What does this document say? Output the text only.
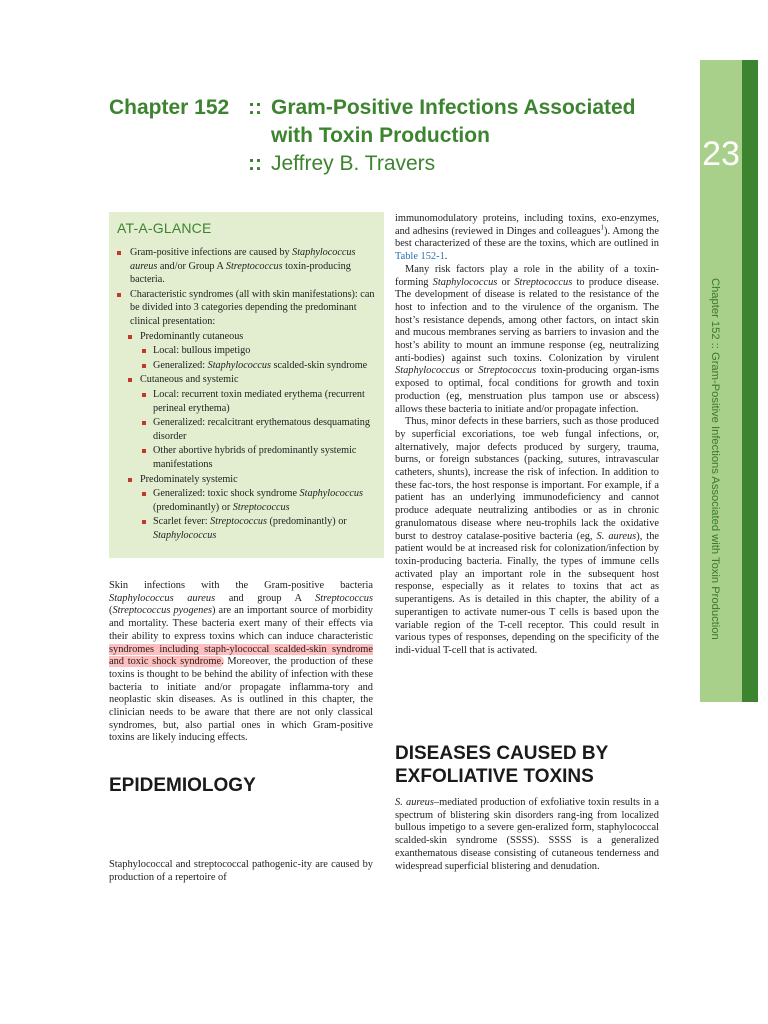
23
Chapter 152 :: Gram-Positive Infections Associated with Toxin Production
Chapter 152 :: Gram-Positive Infections Associated
with Toxin Production
:: Jeffrey B. Travers
AT-A-GLANCE
Gram-positive infections are caused by Staphylococcus aureus and/or Group A Streptococcus toxin-producing bacteria.
Characteristic syndromes (all with skin manifestations): can be divided into 3 categories depending the predominant clinical presentation:
Predominantly cutaneous
Local: bullous impetigo
Generalized: Staphylococcus scalded-skin syndrome
Cutaneous and systemic
Local: recurrent toxin mediated erythema (recurrent perineal erythema)
Generalized: recalcitrant erythematous desquamating disorder
Other abortive hybrids of predominantly systemic manifestations
Predominately systemic
Generalized: toxic shock syndrome Staphylococcus (predominantly) or Streptococcus
Scarlet fever: Streptococcus (predominantly) or Staphylococcus

Skin infections with the Gram-positive bacteria Staphylococcus aureus and group A Streptococcus (Streptococcus pyogenes) are an important source of morbidity and mortality. These bacteria exert many of their effects via their ability to express toxins which can induce characteristic syndromes including staph-ylococcal scalded-skin syndrome and toxic shock syndrome. Moreover, the production of these toxins is thought to be behind the ability of infection with these bacteria to initiate and/or propagate inflamma-tory and neoplastic skin diseases. As is outlined in this chapter, the clinician needs to be aware that there are not only classical syndromes, but, also partial ones in which Gram-positive toxins are likely inducing effects.

EPIDEMIOLOGY

Staphylococcal and streptococcal pathogenic-ity are caused by production of a repertoire of

immunomodulatory proteins, including toxins, exo-enzymes, and adhesins (reviewed in Dinges and colleagues$^1$). Among the best characterized of these are the toxins, which are outlined in Table 152-1.

Many risk factors play a role in the ability of a toxin-forming Staphylococcus or Streptococcus to produce disease. The development of disease is related to the resistance of the host to infection and to the virulence of the organism. The host’s resistance depends, among other factors, on intact skin and mucous membranes serving as barriers to invasion and the host’s ability to mount an immune response (eg, neutralizing anti-bodies) against such toxins. Colonization by virulent Staphylococcus or Streptococcus toxin-producing organ-isms exposed to optimal, focal conditions for growth and toxin production (eg, menstruation plus tampon use or abscess) allows these bacteria to initiate and/or propagate infection.

Thus, minor defects in these barriers, such as those produced by superficial excoriations, toe web fungal infections, or, alternatively, major defects produced by surgery, trauma, burns, or foreign substances (packing, sutures, intravascular catheters, shunts), increase the risk of infection. In addition to these fac-tors, the host response is important. For example, if a patient has an underlying immunodeficiency and cannot produce adequate neutralizing antibodies or as in chronic granulomatous disease where neu-trophils lack the oxidative burst to destroy catalase-positive bacteria (eg, S. aureus), the patient would be at increased risk for colonization/infection by toxin-producing bacteria. Finally, the types of immune cells activated play an important role in the subsequent host response, especially as it relates to toxins that act as superantigens. As is detailed in this chapter, the ability of a superantigen to activate numer-ous T cells is based upon the variable region of the T-cell receptor. This could result in various types of responses, depending on the specificity of the indi-vidual T-cell that is activated.

DISEASES CAUSED BY
EXFOLIATIVE TOXINS

S. aureus–mediated production of exfoliative toxin results in a spectrum of blistering skin disorders rang-ing from localized bullous impetigo to a severe gen-eralized form, staphylococcal scalded-skin syndrome (SSSS). SSSS is a generalized exanthematous disease consisting of cutaneous tenderness and widespread superficial blistering and denudation.
